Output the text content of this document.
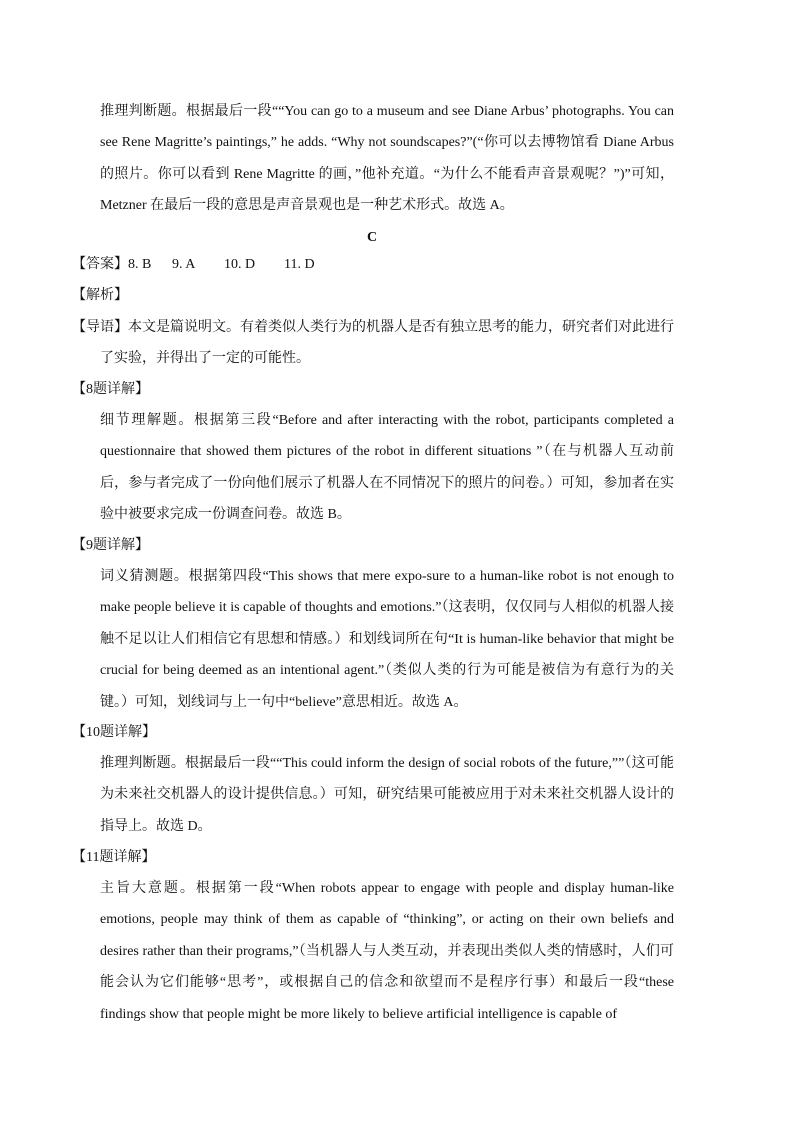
推理判断题。根据最后一段““You can go to a museum and see Diane Arbus’ photographs. You can see Rene Magritte’s paintings,” he adds. “Why not soundscapes?”(“你可以去博物馆看 Diane Arbus 的照片。你可以看到 Rene Magritte 的画，”他补充道。“为什么不能看声音景观呢？”)”可知，Metzner 在最后一段的意思是声音景观也是一种艺术形式。故选 A。

C

【答案】8. B 9. A 10. D 11. D

【解析】

【导语】本文是篇说明文。有着类似人类行为的机器人是否有独立思考的能力，研究者们对此进行了实验，并得出了一定的可能性。

【8题详解】

细节理解题。根据第三段“Before and after interacting with the robot, participants completed a questionnaire that showed them pictures of the robot in different situations ”（在与机器人互动前后，参与者完成了一份向他们展示了机器人在不同情况下的照片的问卷。）可知，参加者在实验中被要求完成一份调查问卷。故选 B。

【9题详解】

词义猜测题。根据第四段“This shows that mere expo-sure to a human-like robot is not enough to make people believe it is capable of thoughts and emotions.”（这表明，仅仅同与人相似的机器人接触不足以让人们相信它有思想和情感。）和划线词所在句“It is human-like behavior that might be crucial for being deemed as an intentional agent.”（类似人类的行为可能是被信为有意行为的关键。）可知，划线词与上一句中“believe”意思相近。故选 A。

【10题详解】

推理判断题。根据最后一段““This could inform the design of social robots of the future,””（这可能为未来社交机器人的设计提供信息。）可知，研究结果可能被应用于对未来社交机器人设计的指导上。故选 D。

【11题详解】

主旨大意题。根据第一段“When robots appear to engage with people and display human-like emotions, people may think of them as capable of “thinking”, or acting on their own beliefs and desires rather than their programs,”（当机器人与人类互动，并表现出类似人类的情感时，人们可能会认为它们能够“思考”，或根据自己的信念和欲望而不是程序行事）和最后一段“these findings show that people might be more likely to believe artificial intelligence is capable of
